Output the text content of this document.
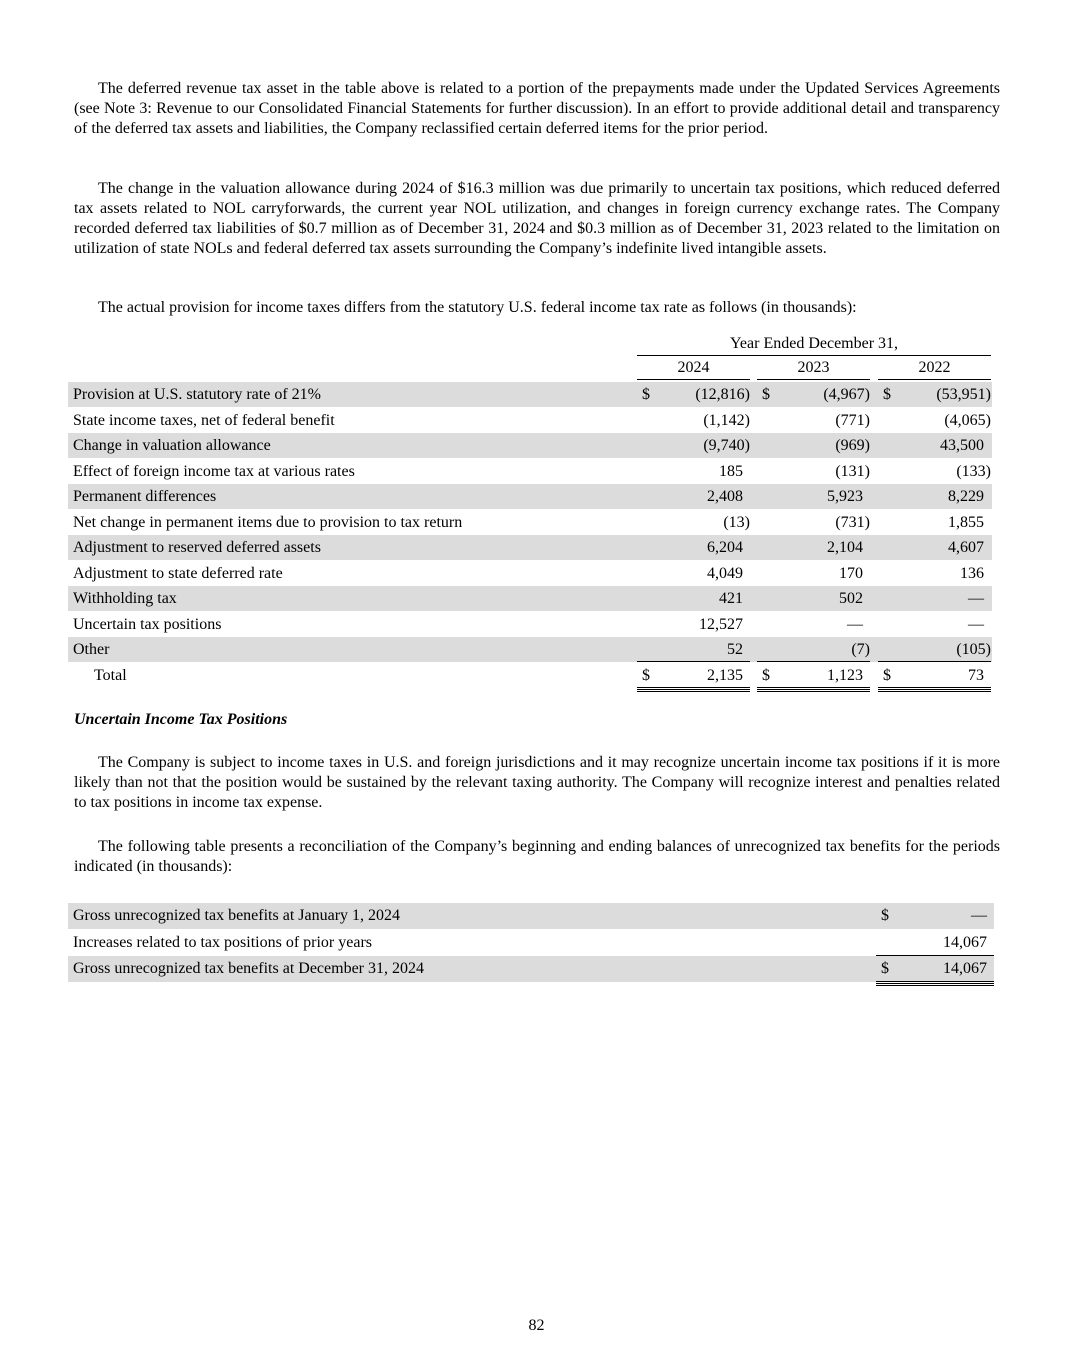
The deferred revenue tax asset in the table above is related to a portion of the prepayments made under the Updated Services Agreements (see Note 3: Revenue to our Consolidated Financial Statements for further discussion). In an effort to provide additional detail and transparency of the deferred tax assets and liabilities, the Company reclassified certain deferred items for the prior period.

The change in the valuation allowance during 2024 of $16.3 million was due primarily to uncertain tax positions, which reduced deferred tax assets related to NOL carryforwards, the current year NOL utilization, and changes in foreign currency exchange rates. The Company recorded deferred tax liabilities of $0.7 million as of December 31, 2024 and $0.3 million as of December 31, 2023 related to the limitation on utilization of state NOLs and federal deferred tax assets surrounding the Company’s indefinite lived intangible assets.

The actual provision for income taxes differs from the statutory U.S. federal income tax rate as follows (in thousands):

Year Ended December 31,
2024	2023	2022
Provision at U.S. statutory rate of 21%	$	(12,816) $	(4,967) $	(53,951)
State income taxes, net of federal benefit	(1,142)	(771)	(4,065)
Change in valuation allowance	(9,740)	(969)	43,500
Effect of foreign income tax at various rates	185	(131)	(133)
Permanent differences	2,408	5,923	8,229
Net change in permanent items due to provision to tax return	(13)	(731)	1,855
Adjustment to reserved deferred assets	6,204	2,104	4,607
Adjustment to state deferred rate	4,049	170	136
Withholding tax	421	502	—
Uncertain tax positions	12,527	—	—
Other	52	(7)	(105)
Total	$	2,135 $	1,123 $	73
Uncertain Income Tax Positions

The Company is subject to income taxes in U.S. and foreign jurisdictions and it may recognize uncertain income tax positions if it is more likely than not that the position would be sustained by the relevant taxing authority. The Company will recognize interest and penalties related to tax positions in income tax expense.

The following table presents a reconciliation of the Company’s beginning and ending balances of unrecognized tax benefits for the periods indicated (in thousands):

Gross unrecognized tax benefits at January 1, 2024	$	—
Increases related to tax positions of prior years	14,067
Gross unrecognized tax benefits at December 31, 2024	$	14,067
82
